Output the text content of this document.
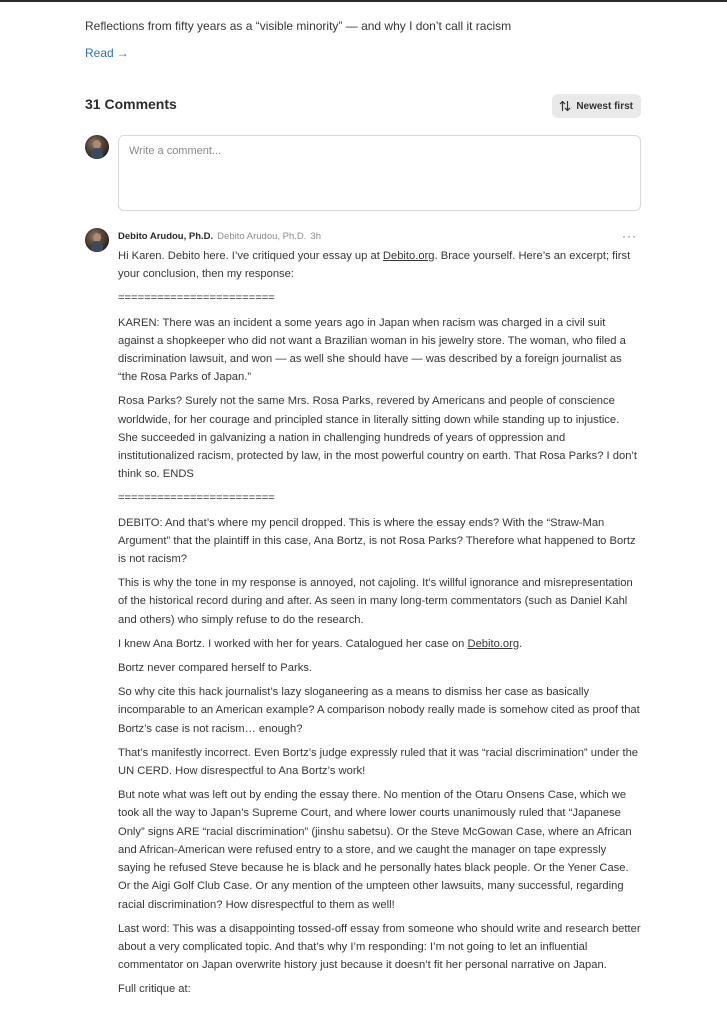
Reflections from fifty years as a “visible minority” — and why I don’t call it racism
Read →
31 Comments	Newest first
Write a comment...
Debito Arudou, Ph.D. Debito Arudou, Ph.D. 3h	···

Hi Karen. Debito here. I’ve critiqued your essay up at Debito.org. Brace yourself. Here’s an excerpt; first your conclusion, then my response:

========================

KAREN: There was an incident a some years ago in Japan when racism was charged in a civil suit against a shopkeeper who did not want a Brazilian woman in his jewelry store. The woman, who filed a discrimination lawsuit, and won — as well she should have — was described by a foreign journalist as “the Rosa Parks of Japan.”

Rosa Parks? Surely not the same Mrs. Rosa Parks, revered by Americans and people of conscience worldwide, for her courage and principled stance in literally sitting down while standing up to injustice. She succeeded in galvanizing a nation in challenging hundreds of years of oppression and institutionalized racism, protected by law, in the most powerful country on earth. That Rosa Parks? I don’t think so. ENDS

========================

DEBITO: And that’s where my pencil dropped. This is where the essay ends? With the “Straw-Man Argument” that the plaintiff in this case, Ana Bortz, is not Rosa Parks? Therefore what happened to Bortz is not racism?

This is why the tone in my response is annoyed, not cajoling. It’s willful ignorance and misrepresentation of the historical record during and after. As seen in many long-term commentators (such as Daniel Kahl and others) who simply refuse to do the research.

I knew Ana Bortz. I worked with her for years. Catalogued her case on Debito.org.

Bortz never compared herself to Parks.

So why cite this hack journalist’s lazy sloganeering as a means to dismiss her case as basically incomparable to an American example? A comparison nobody really made is somehow cited as proof that Bortz’s case is not racism… enough?

That’s manifestly incorrect. Even Bortz’s judge expressly ruled that it was “racial discrimination” under the UN CERD. How disrespectful to Ana Bortz’s work!

But note what was left out by ending the essay there. No mention of the Otaru Onsens Case, which we took all the way to Japan’s Supreme Court, and where lower courts unanimously ruled that “Japanese Only” signs ARE “racial discrimination” (jinshu sabetsu). Or the Steve McGowan Case, where an African and African-American were refused entry to a store, and we caught the manager on tape expressly saying he refused Steve because he is black and he personally hates black people. Or the Yener Case. Or the Aigi Golf Club Case. Or any mention of the umpteen other lawsuits, many successful, regarding racial discrimination? How disrespectful to them as well!

Last word: This was a disappointing tossed-off essay from someone who should write and research better about a very complicated topic. And that’s why I’m responding: I’m not going to let an influential commentator on Japan overwrite history just because it doesn’t fit her personal narrative on Japan.

Full critique at:
